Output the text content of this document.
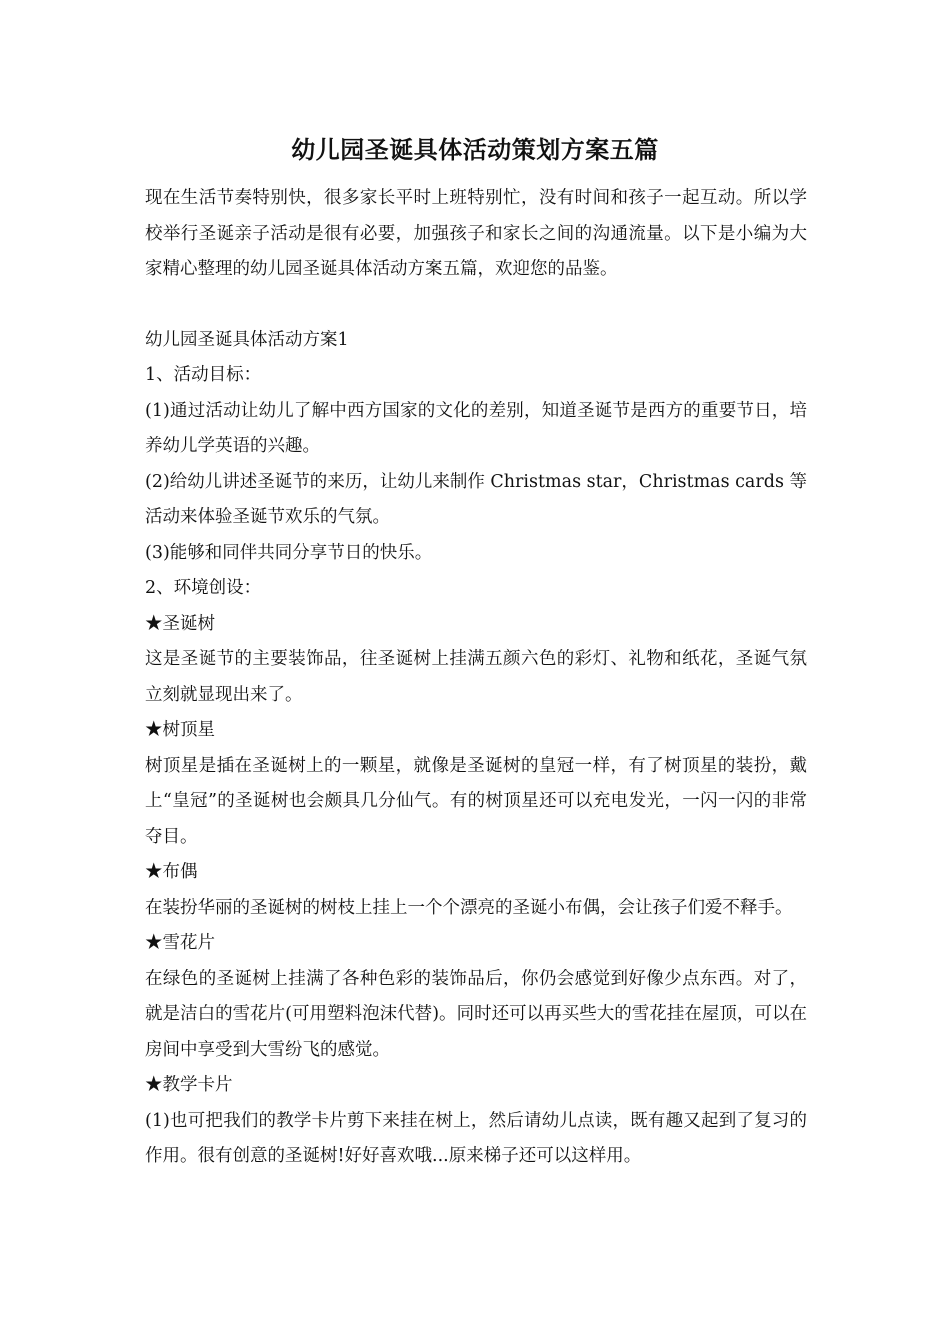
幼儿园圣诞具体活动策划方案五篇

现在生活节奏特别快，很多家长平时上班特别忙，没有时间和孩子一起互动。所以学校举行圣诞亲子活动是很有必要，加强孩子和家长之间的沟通流量。以下是小编为大家精心整理的幼儿园圣诞具体活动方案五篇，欢迎您的品鉴。

幼儿园圣诞具体活动方案1

1、活动目标：

(1)通过活动让幼儿了解中西方国家的文化的差别，知道圣诞节是西方的重要节日，培养幼儿学英语的兴趣。

(2)给幼儿讲述圣诞节的来历，让幼儿来制作 Christmas star，Christmas cards 等活动来体验圣诞节欢乐的气氛。

(3)能够和同伴共同分享节日的快乐。

2、环境创设：

★圣诞树

这是圣诞节的主要装饰品，往圣诞树上挂满五颜六色的彩灯、礼物和纸花，圣诞气氛立刻就显现出来了。

★树顶星

树顶星是插在圣诞树上的一颗星，就像是圣诞树的皇冠一样，有了树顶星的装扮，戴上“皇冠”的圣诞树也会颇具几分仙气。有的树顶星还可以充电发光，一闪一闪的非常夺目。

★布偶

在装扮华丽的圣诞树的树枝上挂上一个个漂亮的圣诞小布偶，会让孩子们爱不释手。

★雪花片

在绿色的圣诞树上挂满了各种色彩的装饰品后，你仍会感觉到好像少点东西。对了，就是洁白的雪花片(可用塑料泡沫代替)。同时还可以再买些大的雪花挂在屋顶，可以在房间中享受到大雪纷飞的感觉。

★教学卡片

(1)也可把我们的教学卡片剪下来挂在树上，然后请幼儿点读，既有趣又起到了复习的作用。很有创意的圣诞树!好好喜欢哦...原来梯子还可以这样用。
